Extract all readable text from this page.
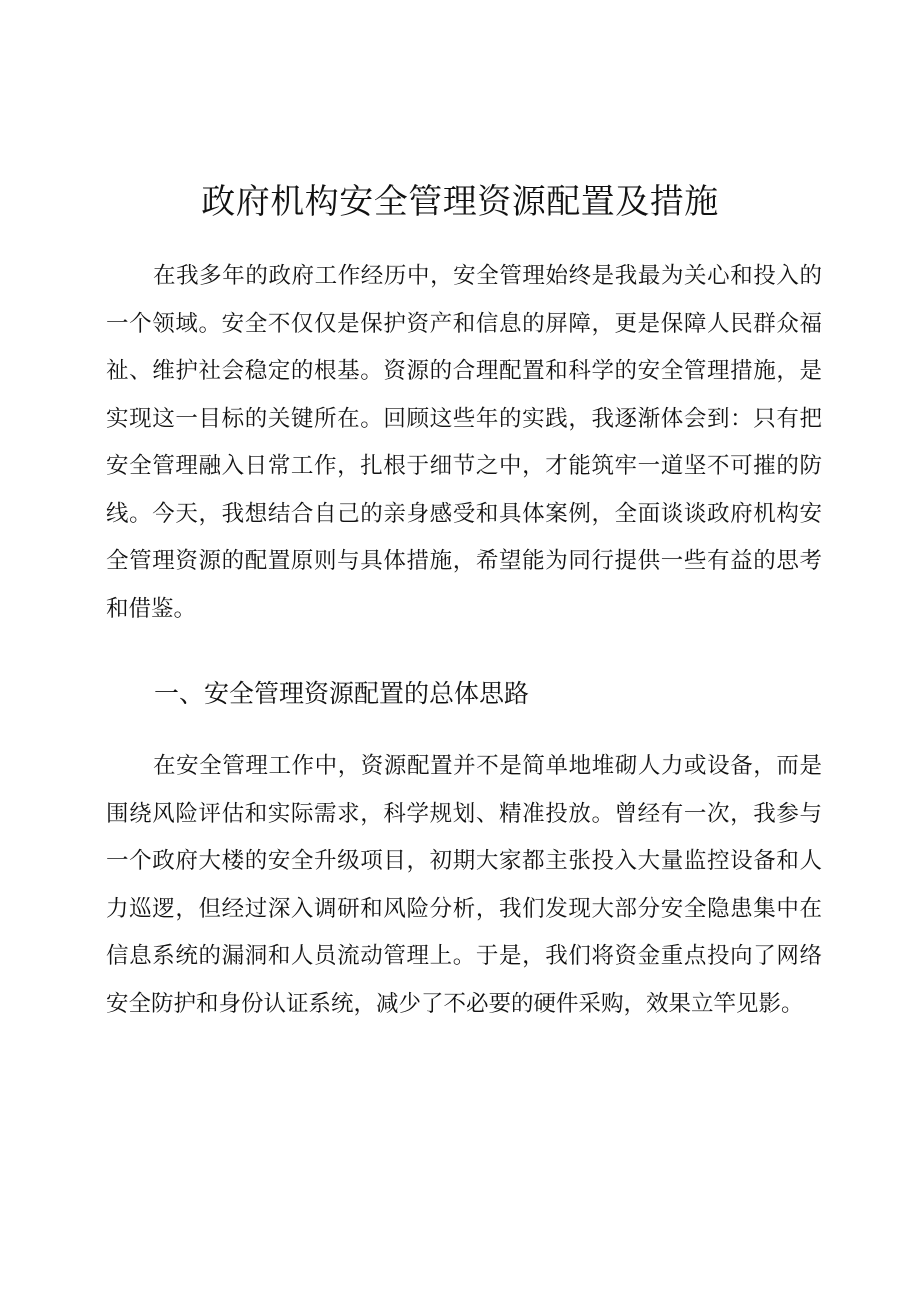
政府机构安全管理资源配置及措施

在我多年的政府工作经历中，安全管理始终是我最为关心和投入的一个领域。安全不仅仅是保护资产和信息的屏障，更是保障人民群众福祉、维护社会稳定的根基。资源的合理配置和科学的安全管理措施，是实现这一目标的关键所在。回顾这些年的实践，我逐渐体会到：只有把安全管理融入日常工作，扎根于细节之中，才能筑牢一道坚不可摧的防线。今天，我想结合自己的亲身感受和具体案例，全面谈谈政府机构安全管理资源的配置原则与具体措施，希望能为同行提供一些有益的思考和借鉴。

一、安全管理资源配置的总体思路

在安全管理工作中，资源配置并不是简单地堆砌人力或设备，而是围绕风险评估和实际需求，科学规划、精准投放。曾经有一次，我参与一个政府大楼的安全升级项目，初期大家都主张投入大量监控设备和人力巡逻，但经过深入调研和风险分析，我们发现大部分安全隐患集中在信息系统的漏洞和人员流动管理上。于是，我们将资金重点投向了网络安全防护和身份认证系统，减少了不必要的硬件采购，效果立竿见影。
